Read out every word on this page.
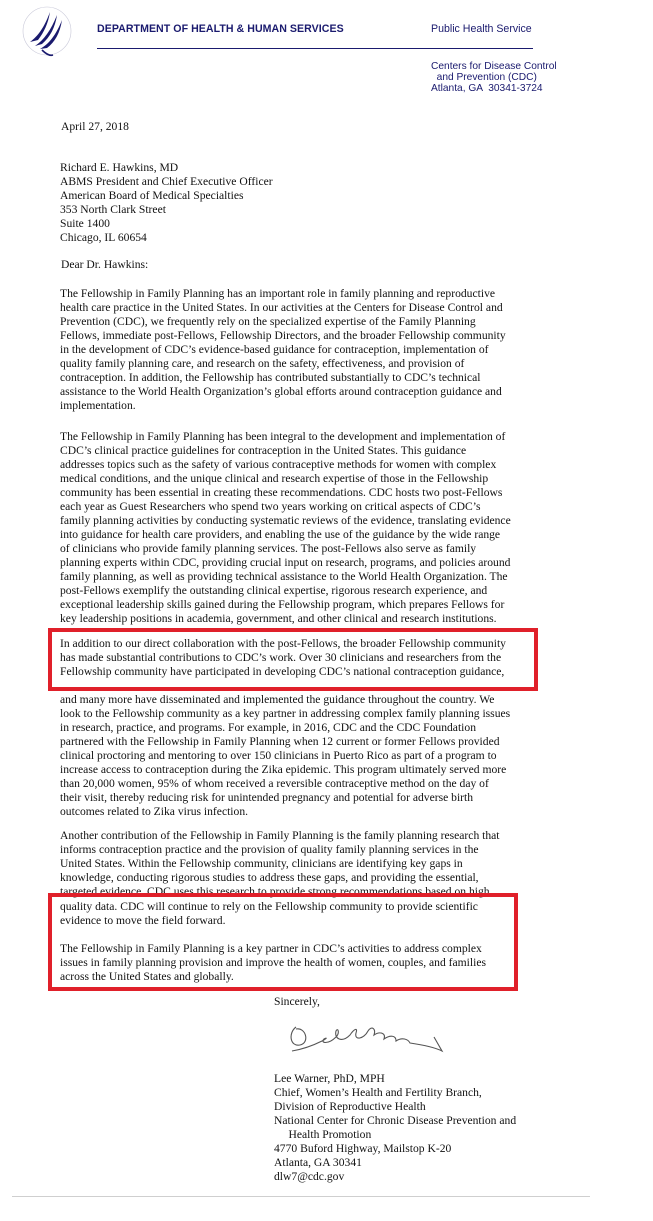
DEPARTMENT OF HEALTH & HUMAN SERVICES	Public Health Service
Centers for Disease Control
and Prevention (CDC)
Atlanta, GA  30341-3724
April 27, 2018
Richard E. Hawkins, MD
ABMS President and Chief Executive Officer
American Board of Medical Specialties
353 North Clark Street
Suite 1400
Chicago, IL 60654
Dear Dr. Hawkins:
The Fellowship in Family Planning has an important role in family planning and reproductive
health care practice in the United States. In our activities at the Centers for Disease Control and
Prevention (CDC), we frequently rely on the specialized expertise of the Family Planning
Fellows, immediate post-Fellows, Fellowship Directors, and the broader Fellowship community
in the development of CDC’s evidence-based guidance for contraception, implementation of
quality family planning care, and research on the safety, effectiveness, and provision of
contraception. In addition, the Fellowship has contributed substantially to CDC’s technical
assistance to the World Health Organization’s global efforts around contraception guidance and
implementation.
The Fellowship in Family Planning has been integral to the development and implementation of
CDC’s clinical practice guidelines for contraception in the United States. This guidance
addresses topics such as the safety of various contraceptive methods for women with complex
medical conditions, and the unique clinical and research expertise of those in the Fellowship
community has been essential in creating these recommendations. CDC hosts two post-Fellows
each year as Guest Researchers who spend two years working on critical aspects of CDC’s
family planning activities by conducting systematic reviews of the evidence, translating evidence
into guidance for health care providers, and enabling the use of the guidance by the wide range
of clinicians who provide family planning services. The post-Fellows also serve as family
planning experts within CDC, providing crucial input on research, programs, and policies around
family planning, as well as providing technical assistance to the World Health Organization. The
post-Fellows exemplify the outstanding clinical expertise, rigorous research experience, and
exceptional leadership skills gained during the Fellowship program, which prepares Fellows for
key leadership positions in academia, government, and other clinical and research institutions.
In addition to our direct collaboration with the post-Fellows, the broader Fellowship community
has made substantial contributions to CDC’s work. Over 30 clinicians and researchers from the
Fellowship community have participated in developing CDC’s national contraception guidance,
and many more have disseminated and implemented the guidance throughout the country. We
look to the Fellowship community as a key partner in addressing complex family planning issues
in research, practice, and programs. For example, in 2016, CDC and the CDC Foundation
partnered with the Fellowship in Family Planning when 12 current or former Fellows provided
clinical proctoring and mentoring to over 150 clinicians in Puerto Rico as part of a program to
increase access to contraception during the Zika epidemic. This program ultimately served more
than 20,000 women, 95% of whom received a reversible contraceptive method on the day of
their visit, thereby reducing risk for unintended pregnancy and potential for adverse birth
outcomes related to Zika virus infection.
Another contribution of the Fellowship in Family Planning is the family planning research that
informs contraception practice and the provision of quality family planning services in the
United States. Within the Fellowship community, clinicians are identifying key gaps in
knowledge, conducting rigorous studies to address these gaps, and providing the essential,
targeted evidence. CDC uses this research to provide strong recommendations based on high
quality data. CDC will continue to rely on the Fellowship community to provide scientific
evidence to move the field forward.
The Fellowship in Family Planning is a key partner in CDC’s activities to address complex
issues in family planning provision and improve the health of women, couples, and families
across the United States and globally.
Sincerely,
Lee Warner, PhD, MPH
Chief, Women’s Health and Fertility Branch,
Division of Reproductive Health
National Center for Chronic Disease Prevention and
Health Promotion
4770 Buford Highway, Mailstop K-20
Atlanta, GA 30341
dlw7@cdc.gov
